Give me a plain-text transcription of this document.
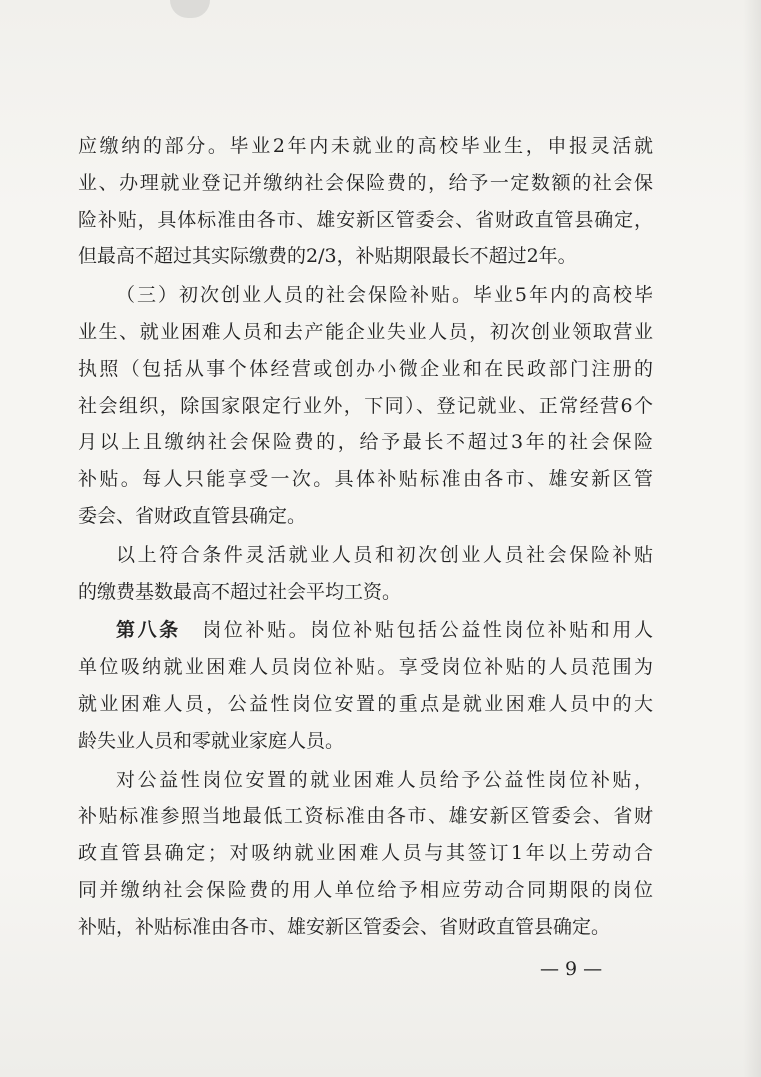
应缴纳的部分。毕业2年内未就业的高校毕业生，申报灵活就
业、办理就业登记并缴纳社会保险费的，给予一定数额的社会保
险补贴，具体标准由各市、雄安新区管委会、省财政直管县确定，
但最高不超过其实际缴费的2/3，补贴期限最长不超过2年。
（三）初次创业人员的社会保险补贴。毕业5年内的高校毕
业生、就业困难人员和去产能企业失业人员，初次创业领取营业
执照（包括从事个体经营或创办小微企业和在民政部门注册的
社会组织，除国家限定行业外，下同）、登记就业、正常经营6个
月以上且缴纳社会保险费的，给予最长不超过3年的社会保险
补贴。每人只能享受一次。具体补贴标准由各市、雄安新区管
委会、省财政直管县确定。
以上符合条件灵活就业人员和初次创业人员社会保险补贴
的缴费基数最高不超过社会平均工资。
第八条  岗位补贴。岗位补贴包括公益性岗位补贴和用人
单位吸纳就业困难人员岗位补贴。享受岗位补贴的人员范围为
就业困难人员，公益性岗位安置的重点是就业困难人员中的大
龄失业人员和零就业家庭人员。
对公益性岗位安置的就业困难人员给予公益性岗位补贴，
补贴标准参照当地最低工资标准由各市、雄安新区管委会、省财
政直管县确定；对吸纳就业困难人员与其签订1年以上劳动合
同并缴纳社会保险费的用人单位给予相应劳动合同期限的岗位
补贴，补贴标准由各市、雄安新区管委会、省财政直管县确定。
— 9 —
